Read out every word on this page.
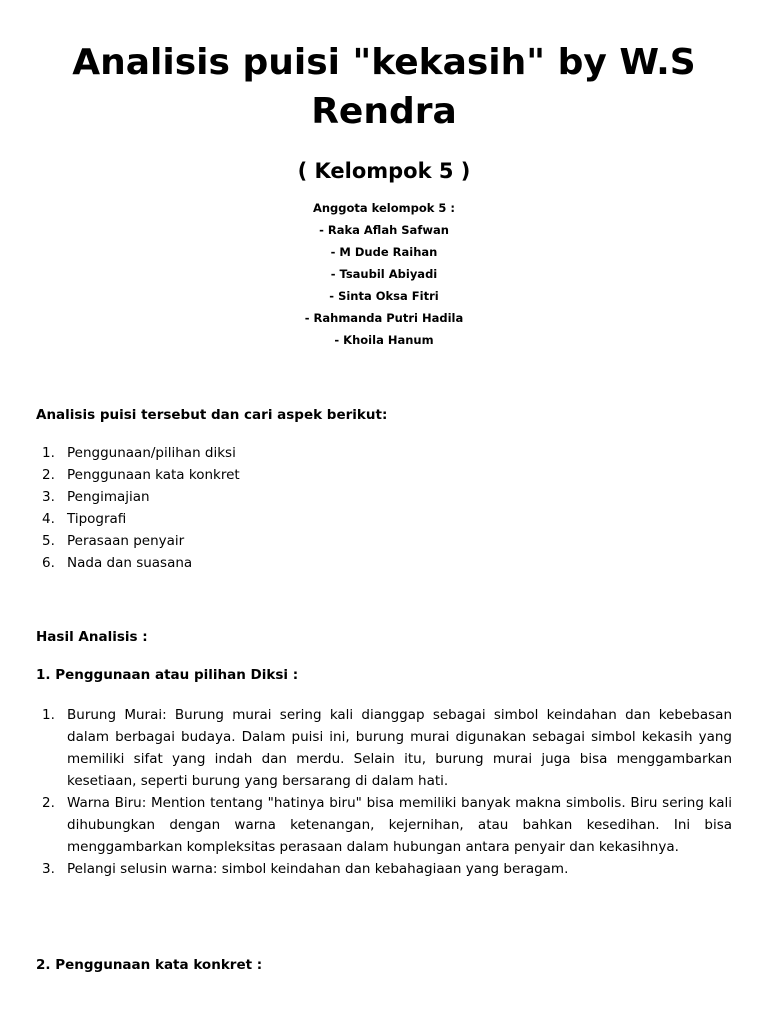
Analisis puisi "kekasih" by W.S Rendra
( Kelompok 5 )
Anggota kelompok 5 :
- Raka Aflah Safwan
- M Dude Raihan
- Tsaubil Abiyadi
- Sinta Oksa Fitri
- Rahmanda Putri Hadila
- Khoila Hanum

Analisis puisi tersebut dan cari aspek berikut:

1. Penggunaan/pilihan diksi
2. Penggunaan kata konkret
3. Pengimajian
4. Tipografi
5. Perasaan penyair
6. Nada dan suasana

Hasil Analisis :

1. Penggunaan atau pilihan Diksi :

1. Burung Murai: Burung murai sering kali dianggap sebagai simbol keindahan dan kebebasan dalam berbagai budaya. Dalam puisi ini, burung murai digunakan sebagai simbol kekasih yang memiliki sifat yang indah dan merdu. Selain itu, burung murai juga bisa menggambarkan kesetiaan, seperti burung yang bersarang di dalam hati.
2. Warna Biru: Mention tentang "hatinya biru" bisa memiliki banyak makna simbolis. Biru sering kali dihubungkan dengan warna ketenangan, kejernihan, atau bahkan kesedihan. Ini bisa menggambarkan kompleksitas perasaan dalam hubungan antara penyair dan kekasihnya.
3. Pelangi selusin warna: simbol keindahan dan kebahagiaan yang beragam.

2. Penggunaan kata konkret :
